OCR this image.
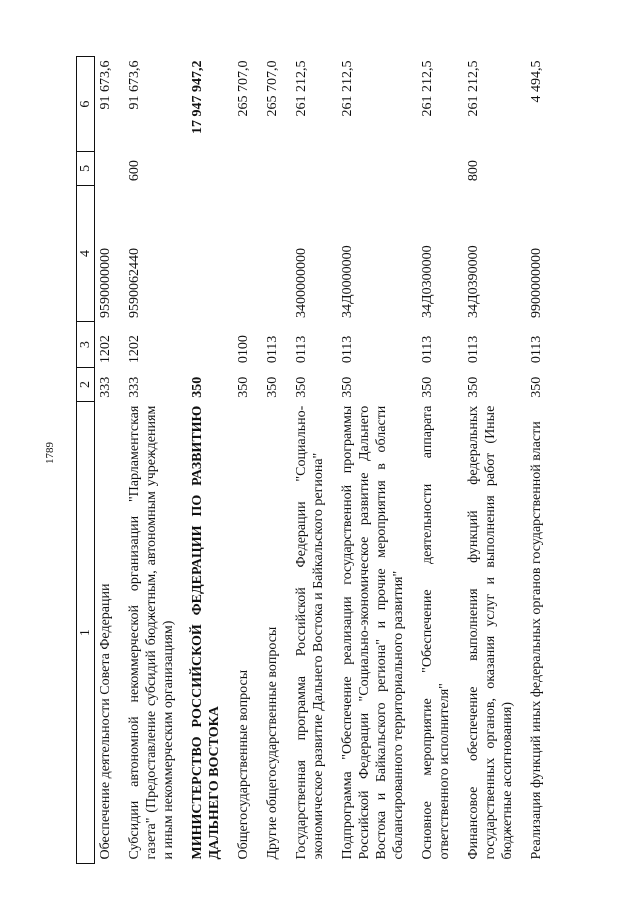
1789
1	2	3	4	5	6
Обеспечение деятельности Совета Федерации	333	1202	9590000000		91 673,6
Субсидии автономной некоммерческой организации "Парламентская газета" (Предоставление субсидий бюджетным, автономным учреждениям и иным некоммерческим организациям)	333	1202	9590062440	600	91 673,6
МИНИСТЕРСТВО РОССИЙСКОЙ ФЕДЕРАЦИИ ПО РАЗВИТИЮ ДАЛЬНЕГО ВОСТОКА	350				17 947 947,2
Общегосударственные вопросы	350	0100			265 707,0
Другие общегосударственные вопросы	350	0113			265 707,0
Государственная программа Российской Федерации "Социально-экономическое развитие Дальнего Востока и Байкальского региона"	350	0113	3400000000		261 212,5
Подпрограмма "Обеспечение реализации государственной программы Российской Федерации "Социально-экономическое развитие Дальнего Востока и Байкальского региона" и прочие мероприятия в области сбалансированного территориального развития"	350	0113	34Д0000000		261 212,5
Основное мероприятие "Обеспечение деятельности аппарата ответственного исполнителя"	350	0113	34Д0300000		261 212,5
Финансовое обеспечение выполнения функций федеральных государственных органов, оказания услуг и выполнения работ (Иные бюджетные ассигнования)	350	0113	34Д0390000	800	261 212,5
Реализация функций иных федеральных органов государственной власти	350	0113	9900000000		4 494,5
